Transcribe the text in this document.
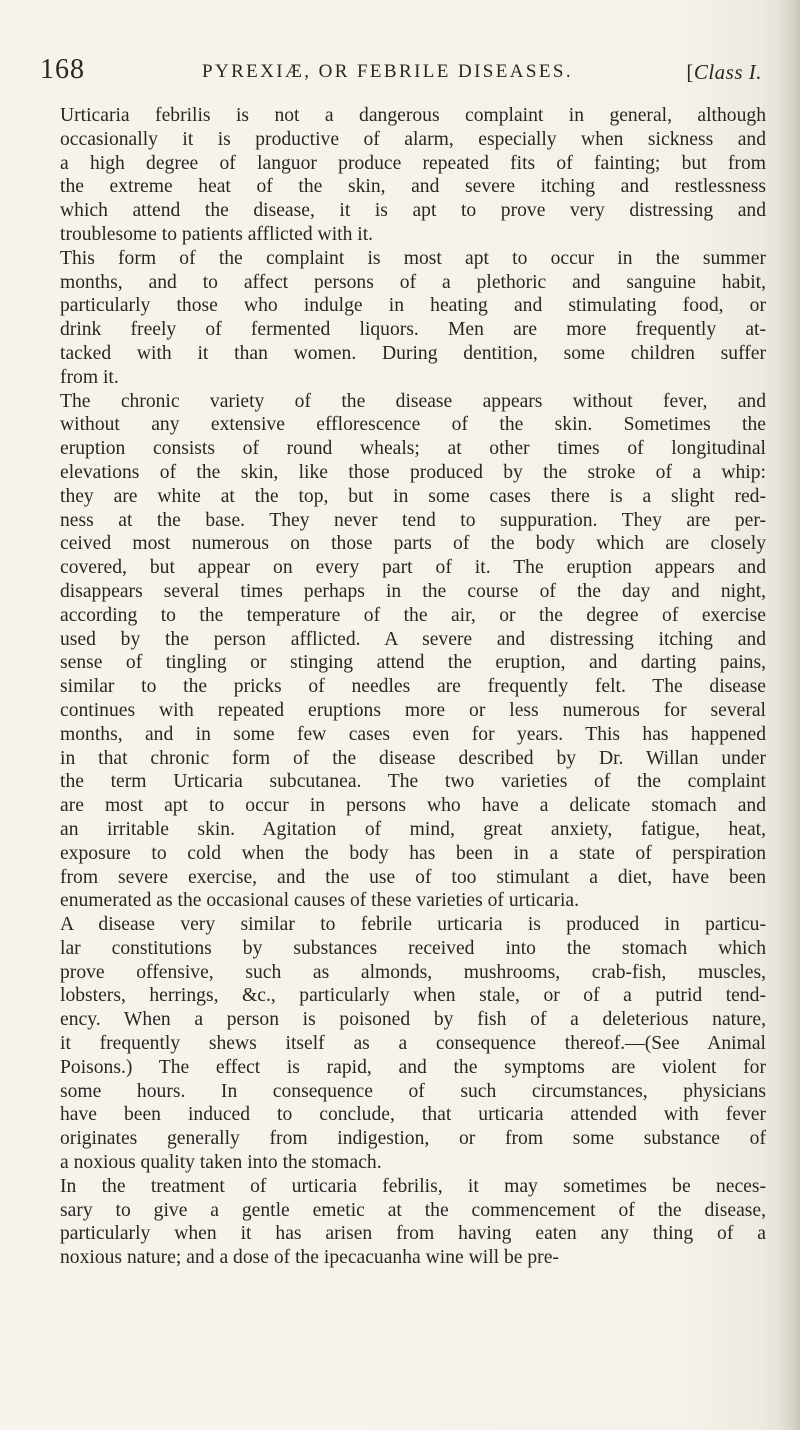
168	PYREXIÆ, OR FEBRILE DISEASES.	[Class I.
Urticaria febrilis is not a dangerous complaint in general, although
occasionally it is productive of alarm, especially when sickness and
a high degree of languor produce repeated fits of fainting; but from
the extreme heat of the skin, and severe itching and restlessness
which attend the disease, it is apt to prove very distressing and
troublesome to patients afflicted with it.
This form of the complaint is most apt to occur in the summer
months, and to affect persons of a plethoric and sanguine habit,
particularly those who indulge in heating and stimulating food, or
drink freely of fermented liquors. Men are more frequently at-
tacked with it than women. During dentition, some children suffer
from it.
The chronic variety of the disease appears without fever, and
without any extensive efflorescence of the skin. Sometimes the
eruption consists of round wheals; at other times of longitudinal
elevations of the skin, like those produced by the stroke of a whip:
they are white at the top, but in some cases there is a slight red-
ness at the base. They never tend to suppuration. They are per-
ceived most numerous on those parts of the body which are closely
covered, but appear on every part of it. The eruption appears and
disappears several times perhaps in the course of the day and night,
according to the temperature of the air, or the degree of exercise
used by the person afflicted. A severe and distressing itching and
sense of tingling or stinging attend the eruption, and darting pains,
similar to the pricks of needles are frequently felt. The disease
continues with repeated eruptions more or less numerous for several
months, and in some few cases even for years. This has happened
in that chronic form of the disease described by Dr. Willan under
the term Urticaria subcutanea. The two varieties of the complaint
are most apt to occur in persons who have a delicate stomach and
an irritable skin. Agitation of mind, great anxiety, fatigue, heat,
exposure to cold when the body has been in a state of perspiration
from severe exercise, and the use of too stimulant a diet, have been
enumerated as the occasional causes of these varieties of urticaria.
A disease very similar to febrile urticaria is produced in particu-
lar constitutions by substances received into the stomach which
prove offensive, such as almonds, mushrooms, crab-fish, muscles,
lobsters, herrings, &c., particularly when stale, or of a putrid tend-
ency. When a person is poisoned by fish of a deleterious nature,
it frequently shews itself as a consequence thereof.—(See Animal
Poisons.) The effect is rapid, and the symptoms are violent for
some hours. In consequence of such circumstances, physicians
have been induced to conclude, that urticaria attended with fever
originates generally from indigestion, or from some substance of
a noxious quality taken into the stomach.
In the treatment of urticaria febrilis, it may sometimes be neces-
sary to give a gentle emetic at the commencement of the disease,
particularly when it has arisen from having eaten any thing of a
noxious nature; and a dose of the ipecacuanha wine will be pre-
